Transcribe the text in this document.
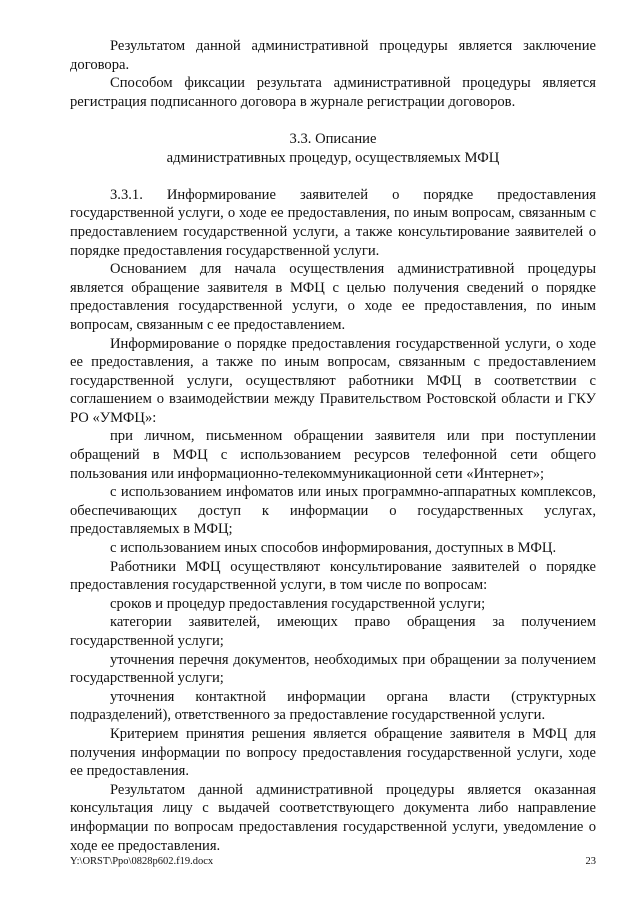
Результатом данной административной процедуры является заключение договора.

Способом фиксации результата административной процедуры является регистрация подписанного договора в журнале регистрации договоров.

3.3. Описание

административных процедур, осуществляемых МФЦ

3.3.1. Информирование заявителей о порядке предоставления государственной услуги, о ходе ее предоставления, по иным вопросам, связанным с предоставлением государственной услуги, а также консультирование заявителей о порядке предоставления государственной услуги.

Основанием для начала осуществления административной процедуры является обращение заявителя в МФЦ с целью получения сведений о порядке предоставления государственной услуги, о ходе ее предоставления, по иным вопросам, связанным с ее предоставлением.

Информирование о порядке предоставления государственной услуги, о ходе ее предоставления, а также по иным вопросам, связанным с предоставлением государственной услуги, осуществляют работники МФЦ в соответствии с соглашением о взаимодействии между Правительством Ростовской области и ГКУ РО «УМФЦ»:

при личном, письменном обращении заявителя или при поступлении обращений в МФЦ с использованием ресурсов телефонной сети общего пользования или информационно-телекоммуникационной сети «Интернет»;

с использованием инфоматов или иных программно-аппаратных комплексов, обеспечивающих доступ к информации о государственных услугах, предоставляемых в МФЦ;

с использованием иных способов информирования, доступных в МФЦ.

Работники МФЦ осуществляют консультирование заявителей о порядке предоставления государственной услуги, в том числе по вопросам:

сроков и процедур предоставления государственной услуги;

категории заявителей, имеющих право обращения за получением государственной услуги;

уточнения перечня документов, необходимых при обращении за получением государственной услуги;

уточнения контактной информации органа власти (структурных подразделений), ответственного за предоставление государственной услуги.

Критерием принятия решения является обращение заявителя в МФЦ для получения информации по вопросу предоставления государственной услуги, ходе ее предоставления.

Результатом данной административной процедуры является оказанная консультация лицу с выдачей соответствующего документа либо направление информации по вопросам предоставления государственной услуги, уведомление о ходе ее предоставления.

Y:\ORST\Ppo\0828p602.f19.docx	23
